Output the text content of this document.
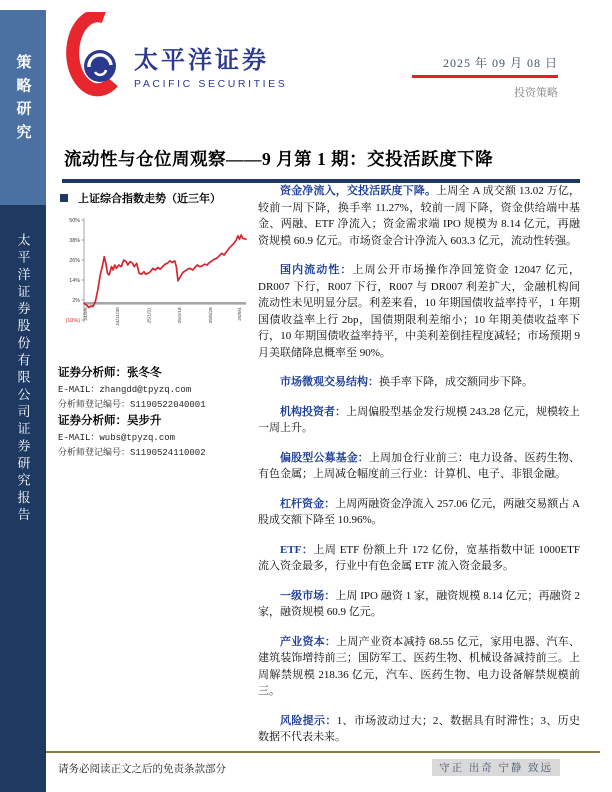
策略研究
太平洋证券股份有限公司证券研究报告
太平洋证券
PACIFIC SECURITIES
2025 年 09 月 08 日
投资策略
流动性与仓位周观察——9 月第 1 期：交投活跃度下降
上证综合指数走势（近三年）
50%
38%
26%
14%
2%
(10%)
24/9/6	24/11/30	25/1/31	25/4/18	25/6/28	25/9/4
证券分析师：张冬冬
E-MAIL：zhangdd@tpyzq.com
分析师登记编号：S1190522040001
证券分析师：吴步升
E-MAIL：wubs@tpyzq.com
分析师登记编号：S1190524110002

资金净流入，交投活跃度下降。上周全 A 成交额 13.02 万亿，较前一周下降，换手率 11.27%，较前一周下降，资金供给端中基金、两融、ETF 净流入；资金需求端 IPO 规模为 8.14 亿元，再融资规模 60.9 亿元。市场资金合计净流入 603.3 亿元，流动性转强。

国内流动性：上周公开市场操作净回笼资金 12047 亿元，DR007 下行，R007 下行，R007 与 DR007 利差扩大，金融机构间流动性未见明显分层。利差来看，10 年期国债收益率持平，1 年期国债收益率上行 2bp，国债期限利差缩小；10 年期美债收益率下行，10 年期国债收益率持平，中美利差倒挂程度减轻；市场预期 9 月美联储降息概率至 90%。

市场微观交易结构：换手率下降，成交额同步下降。

机构投资者：上周偏股型基金发行规模 243.28 亿元，规模较上一周上升。

偏股型公募基金：上周加仓行业前三：电力设备、医药生物、有色金属；上周减仓幅度前三行业：计算机、电子、非银金融。

杠杆资金：上周两融资金净流入 257.06 亿元，两融交易额占 A 股成交额下降至 10.96%。

ETF：上周 ETF 份额上升 172 亿份，宽基指数中证 1000ETF 流入资金最多，行业中有色金属 ETF 流入资金最多。

一级市场：上周 IPO 融资 1 家，融资规模 8.14 亿元；再融资 2 家，融资规模 60.9 亿元。

产业资本：上周产业资本减持 68.55 亿元，家用电器、汽车、建筑装饰增持前三；国防军工、医药生物、机械设备减持前三。上周解禁规模 218.36 亿元，汽车、医药生物、电力设备解禁规模前三。

风险提示：1、市场波动过大；2、数据具有时滞性；3、历史数据不代表未来。

请务必阅读正文之后的免责条款部分	守正 出奇 宁静 致远
